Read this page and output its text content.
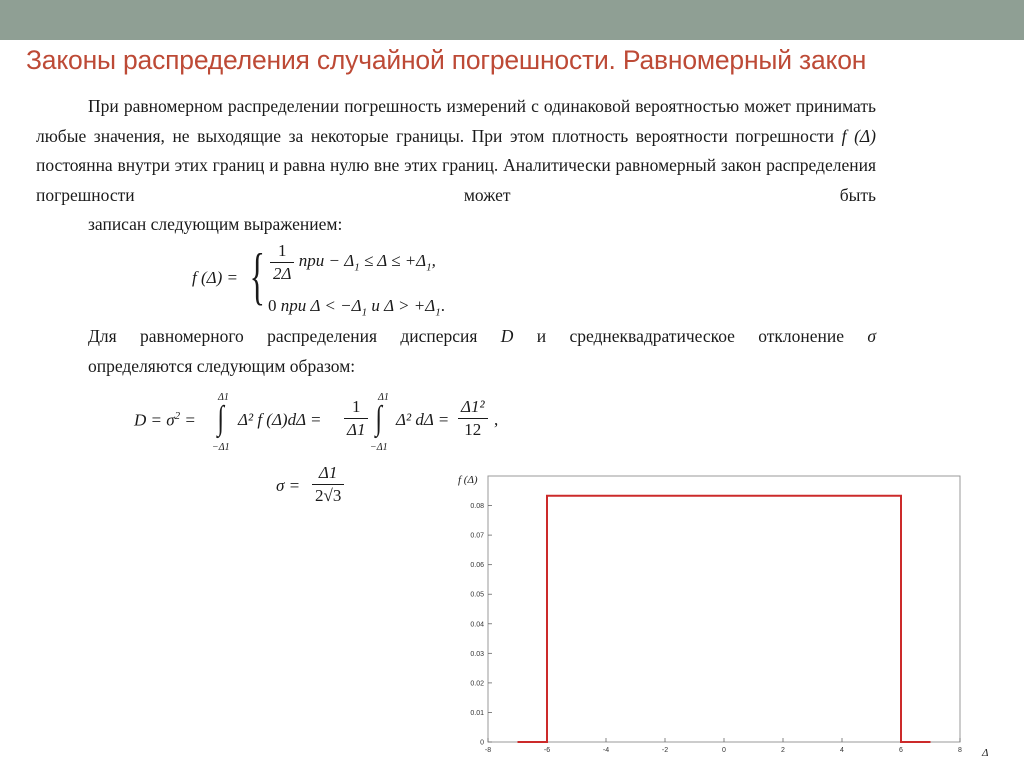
Законы распределения случайной погрешности. Равномерный закон

При равномерном распределении погрешность измерений с одинаковой вероятностью может принимать любые значения, не выходящие за некоторые границы. При этом плотность вероятности погрешности f (Δ) постоянна внутри этих границ и равна нулю вне этих границ. Аналитически равномерный закон распределения погрешности может быть
записан следующим выражением:

f (Δ) = { $\frac{1}{2\Delta}$ при − $\Delta_1 \le \Delta \le +\Delta_1$,
0 при $\Delta < -\Delta_1$ и $\Delta > +\Delta_1$.

Для равномерного распределения дисперсия D и среднеквадратическое отклонение σ
определяются следующим образом:

$D = \sigma^2$ = ∫
Δ1
−Δ1
Δ² f $(\Delta)d\Delta = \frac{1}{\Delta 1}$ ∫
Δ1
−Δ1
Δ² $d\Delta = \frac{\text{Δ1²}}{12}$ ,
$\sigma = \frac{\Delta 1}{2√3}$
0
0.01
0.02
0.03
0.04
0.05
0.06
0.07
0.08
-8	-6	-4	-2	0	2	4	6	8
f (Δ)
Δ
